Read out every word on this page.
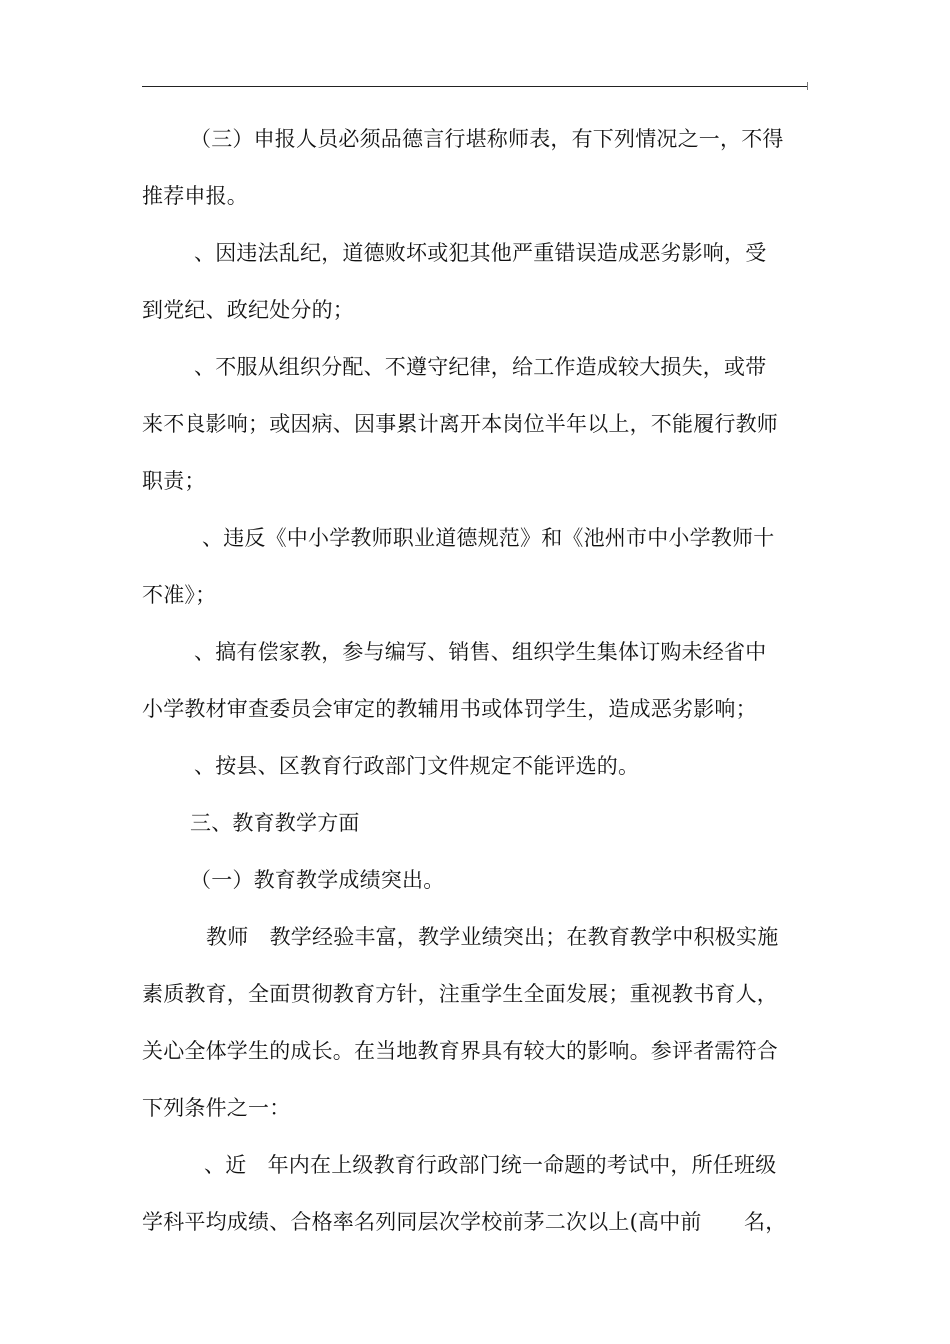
（三）申报人员必须品德言行堪称师表，有下列情况之一，不得
推荐申报。
、因违法乱纪，道德败坏或犯其他严重错误造成恶劣影响，受
到党纪、政纪处分的；
、不服从组织分配、不遵守纪律，给工作造成较大损失，或带
来不良影响；或因病、因事累计离开本岗位半年以上，不能履行教师
职责；
、违反《中小学教师职业道德规范》和《池州市中小学教师十
不准》；
、搞有偿家教，参与编写、销售、组织学生集体订购未经省中
小学教材审查委员会审定的教辅用书或体罚学生，造成恶劣影响；
、按县、区教育行政部门文件规定不能评选的。
三、教育教学方面
（一）教育教学成绩突出。
教师　教学经验丰富，教学业绩突出；在教育教学中积极实施
素质教育，全面贯彻教育方针，注重学生全面发展；重视教书育人，
关心全体学生的成长。在当地教育界具有较大的影响。参评者需符合
下列条件之一：
、近　年内在上级教育行政部门统一命题的考试中，所任班级
学科平均成绩、合格率名列同层次学校前茅二次以上(高中前　　名，
